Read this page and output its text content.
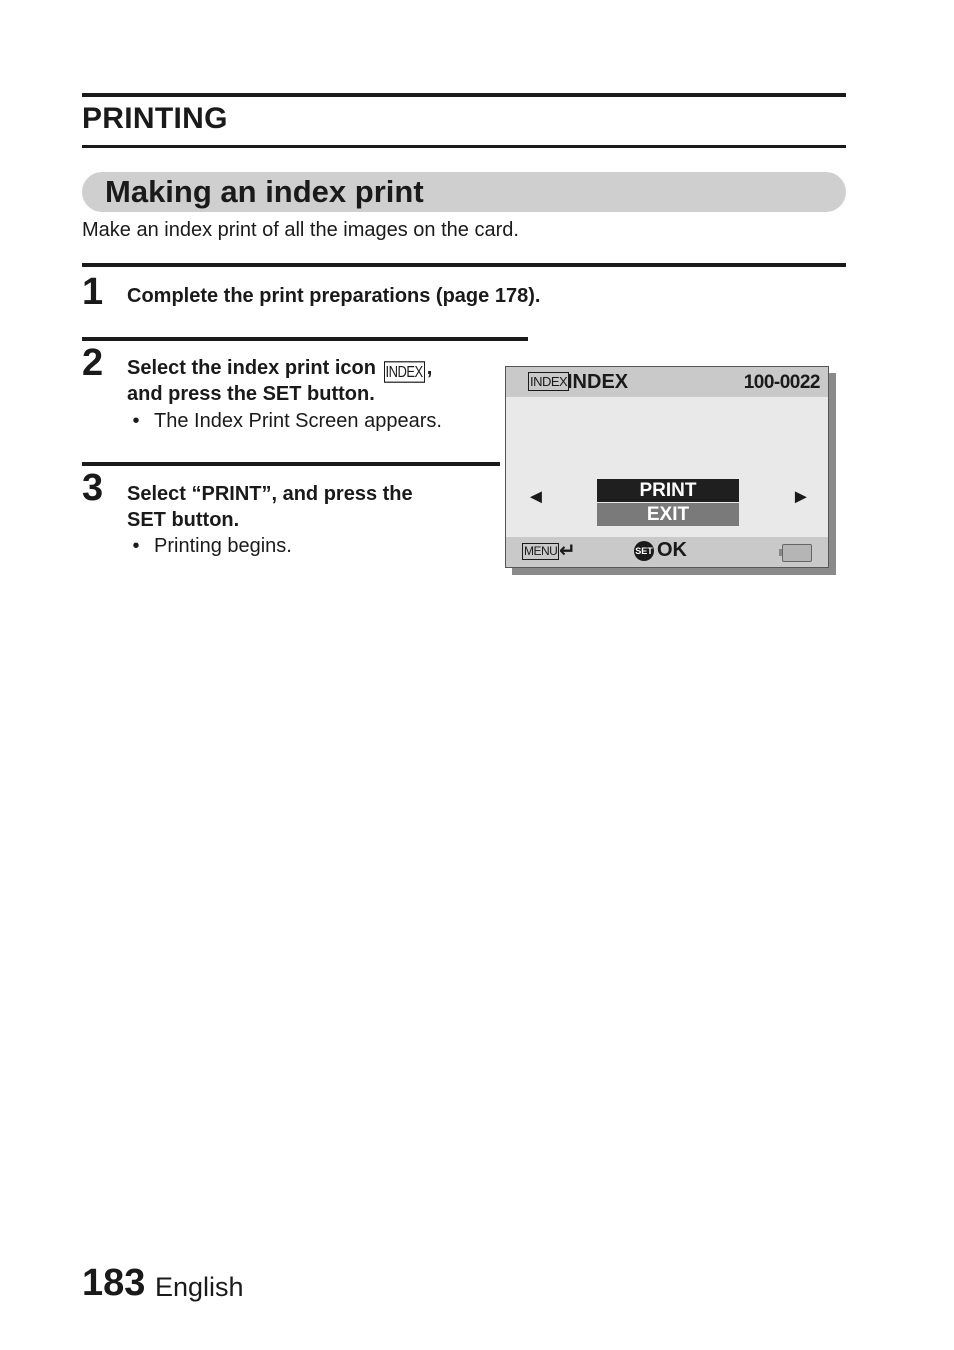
PRINTING
Making an index print
Make an index print of all the images on the card.
1 Complete the print preparations (page 178).
2 Select the index print icon INDEX ,
and press the SET button.
• The Index Print Screen appears.
3 Select “PRINT”, and press the
SET button.
• Printing begins.
INDEX INDEX	100-0022
◄	►
PRINT
EXIT
MENU ↵	SET OK
183 English
